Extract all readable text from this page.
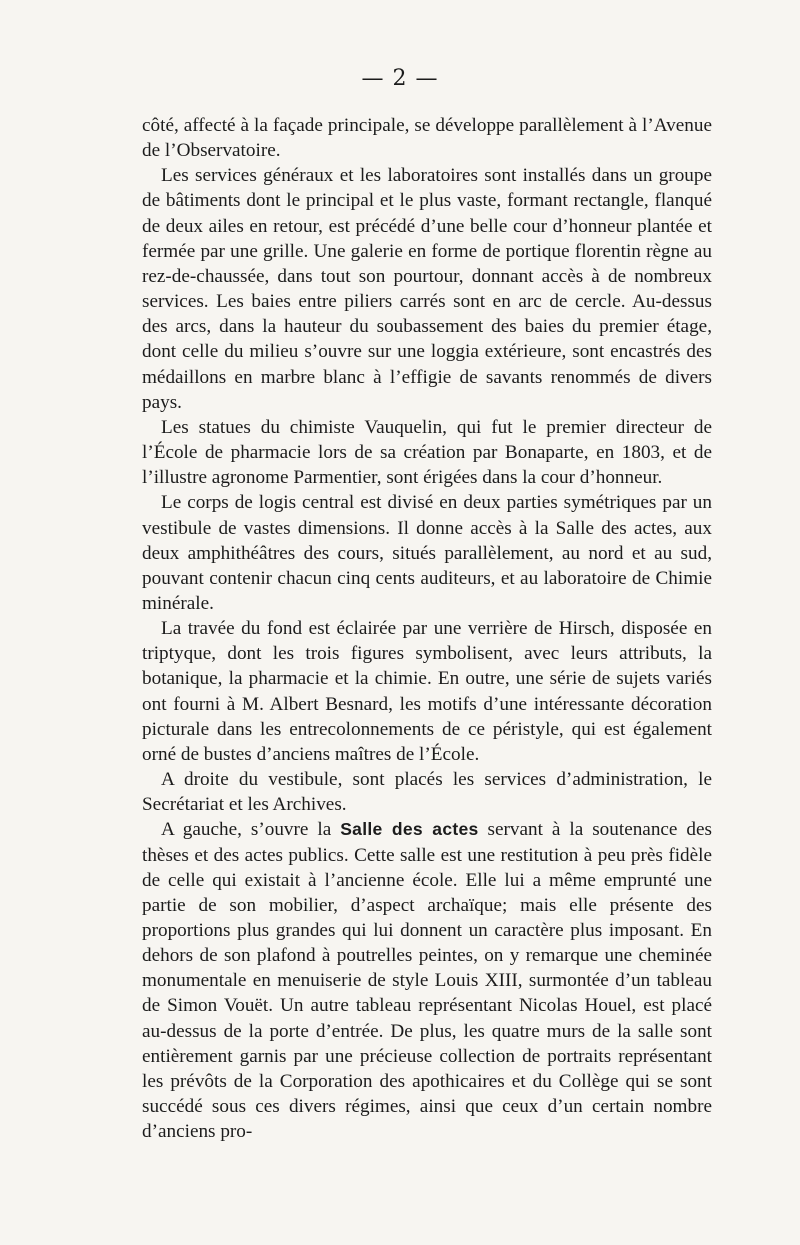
— 2 —

côté, affecté à la façade principale, se développe parallèlement à l’Avenue de l’Observatoire.

Les services généraux et les laboratoires sont installés dans un groupe de bâtiments dont le principal et le plus vaste, formant rectangle, flanqué de deux ailes en retour, est précédé d’une belle cour d’honneur plantée et fermée par une grille. Une galerie en forme de portique florentin règne au rez-de-chaussée, dans tout son pourtour, donnant accès à de nombreux services. Les baies entre piliers carrés sont en arc de cercle. Au-dessus des arcs, dans la hauteur du soubassement des baies du premier étage, dont celle du milieu s’ouvre sur une loggia extérieure, sont encastrés des médaillons en marbre blanc à l’effigie de savants renommés de divers pays.

Les statues du chimiste Vauquelin, qui fut le premier directeur de l’École de pharmacie lors de sa création par Bonaparte, en 1803, et de l’illustre agronome Parmentier, sont érigées dans la cour d’honneur.

Le corps de logis central est divisé en deux parties symétriques par un vestibule de vastes dimensions. Il donne accès à la Salle des actes, aux deux amphithéâtres des cours, situés parallèlement, au nord et au sud, pouvant contenir chacun cinq cents auditeurs, et au laboratoire de Chimie minérale.

La travée du fond est éclairée par une verrière de Hirsch, disposée en triptyque, dont les trois figures symbolisent, avec leurs attributs, la botanique, la pharmacie et la chimie. En outre, une série de sujets variés ont fourni à M. Albert Besnard, les motifs d’une intéressante décoration picturale dans les entrecolonnements de ce péristyle, qui est également orné de bustes d’anciens maîtres de l’École.

A droite du vestibule, sont placés les services d’administration, le Secrétariat et les Archives.

A gauche, s’ouvre la Salle des actes servant à la soutenance des thèses et des actes publics. Cette salle est une restitution à peu près fidèle de celle qui existait à l’ancienne école. Elle lui a même emprunté une partie de son mobilier, d’aspect archaïque; mais elle présente des proportions plus grandes qui lui donnent un caractère plus imposant. En dehors de son plafond à poutrelles peintes, on y remarque une cheminée monumentale en menuiserie de style Louis XIII, surmontée d’un tableau de Simon Vouët. Un autre tableau représentant Nicolas Houel, est placé au-dessus de la porte d’entrée. De plus, les quatre murs de la salle sont entièrement garnis par une précieuse collection de portraits représentant les prévôts de la Corporation des apothicaires et du Collège qui se sont succédé sous ces divers régimes, ainsi que ceux d’un certain nombre d’anciens pro-
